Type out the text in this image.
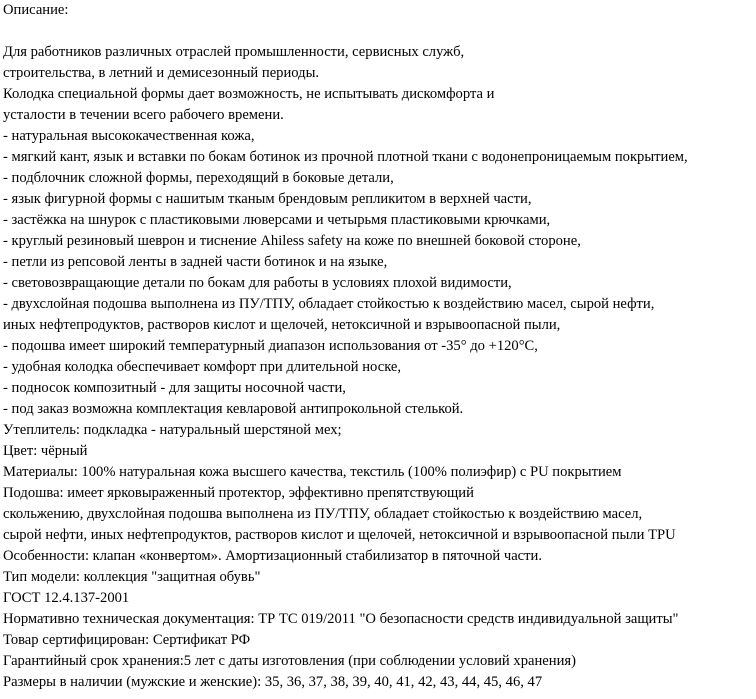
Описание:
Для работников различных отраслей промышленности, сервисных служб,
строительства, в летний и демисезонный периоды.
Колодка специальной формы дает возможность, не испытывать дискомфорта и
усталости в течении всего рабочего времени.
- натуральная высококачественная кожа,
- мягкий кант, язык и вставки по бокам ботинок из прочной плотной ткани с водонепроницаемым покрытием,
- подблочник сложной формы, переходящий в боковые детали,
- язык фигурной формы с нашитым тканым брендовым репликитом в верхней части,
- застёжка на шнурок с пластиковыми люверсами и четырьмя пластиковыми крючками,
- круглый резиновый шеврон и тиснение Ahiless safety на коже по внешней боковой стороне,
- петли из репсовой ленты в задней части ботинок и на языке,
- световозвращающие детали по бокам для работы в условиях плохой видимости,
- двухслойная подошва выполнена из ПУ/ТПУ, обладает стойкостью к воздействию масел, сырой нефти,
иных нефтепродуктов, растворов кислот и щелочей, нетоксичной и взрывоопасной пыли,
- подошва имеет широкий температурный диапазон использования от -35° до +120°C,
- удобная колодка обеспечивает комфорт при длительной носке,
- подносок композитный - для защиты носочной части,
- под заказ возможна комплектация кевларовой антипрокольной стелькой.
Утеплитель: подкладка - натуральный шерстяной мех;
Цвет: чёрный
Материалы: 100% натуральная кожа высшего качества, текстиль (100% полиэфир) с PU покрытием
Подошва: имеет ярковыраженный протектор, эффективно препятствующий
скольжению, двухслойная подошва выполнена из ПУ/ТПУ, обладает стойкостью к воздействию масел,
сырой нефти, иных нефтепродуктов, растворов кислот и щелочей, нетоксичной и взрывоопасной пыли TPU
Особенности: клапан «конвертом». Амортизационный стабилизатор в пяточной части.
Тип модели: коллекция "защитная обувь"
ГОСТ 12.4.137-2001
Нормативно техническая документация: ТР ТС 019/2011 "О безопасности средств индивидуальной защиты"
Товар сертифицирован: Сертификат РФ
Гарантийный срок хранения:5 лет с даты изготовления (при соблюдении условий хранения)
Размеры в наличии (мужские и женские): 35, 36, 37, 38, 39, 40, 41, 42, 43, 44, 45, 46, 47
